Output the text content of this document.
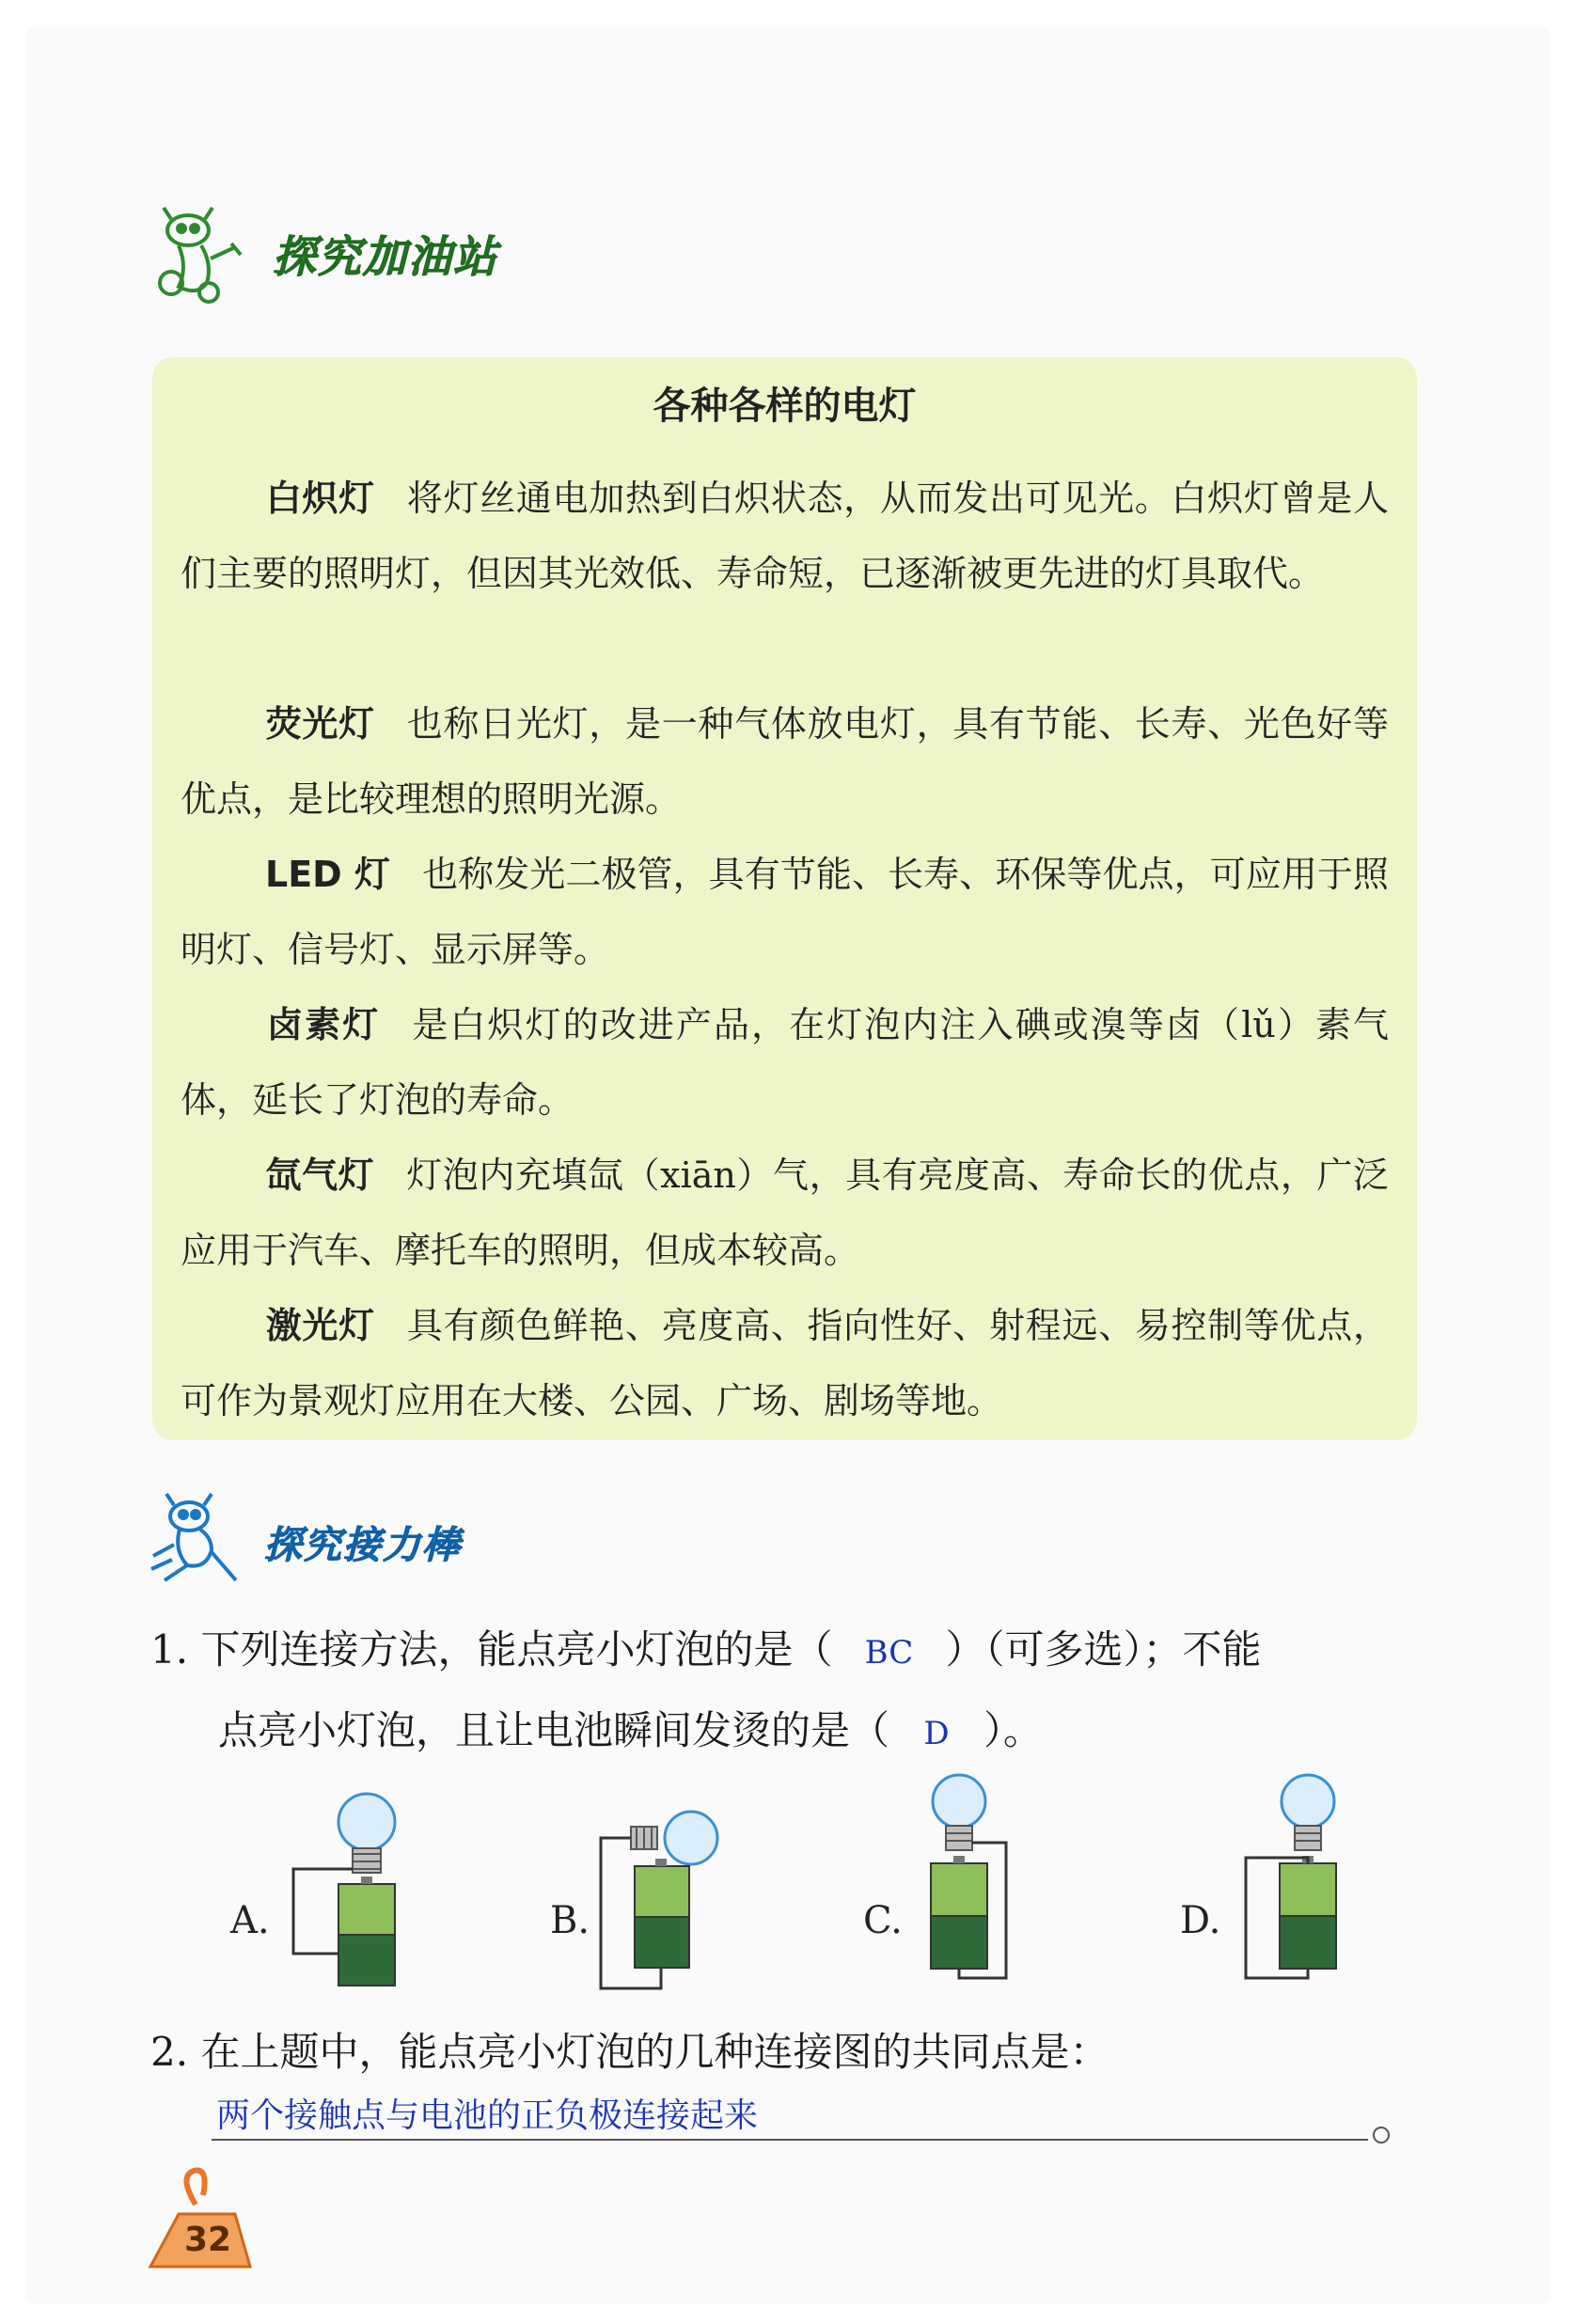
探究加油站
各种各样的电灯
白炽灯 将灯丝通电加热到白炽状态，从而发出可见光。白炽灯曾是人们主要的照明灯，但因其光效低、寿命短，已逐渐被更先进的灯具取代。
荧光灯 也称日光灯，是一种气体放电灯，具有节能、长寿、光色好等优点，是比较理想的照明光源。
LED 灯 也称发光二极管，具有节能、长寿、环保等优点，可应用于照明灯、信号灯、显示屏等。
卤素灯 是白炽灯的改进产品，在灯泡内注入碘或溴等卤（lǔ）素气体，延长了灯泡的寿命。
氙气灯 灯泡内充填氙（xiān）气，具有亮度高、寿命长的优点，广泛应用于汽车、摩托车的照明，但成本较高。
激光灯 具有颜色鲜艳、亮度高、指向性好、射程远、易控制等优点，可作为景观灯应用在大楼、公园、广场、剧场等地。
探究接力棒
1. 下列连接方法，能点亮小灯泡的是（ BC ）（可多选）；不能
点亮小灯泡，且让电池瞬间发烫的是（ D ）。
A.	B.	C.	D.
2. 在上题中，能点亮小灯泡的几种连接图的共同点是：
两个接触点与电池的正负极连接起来
32
